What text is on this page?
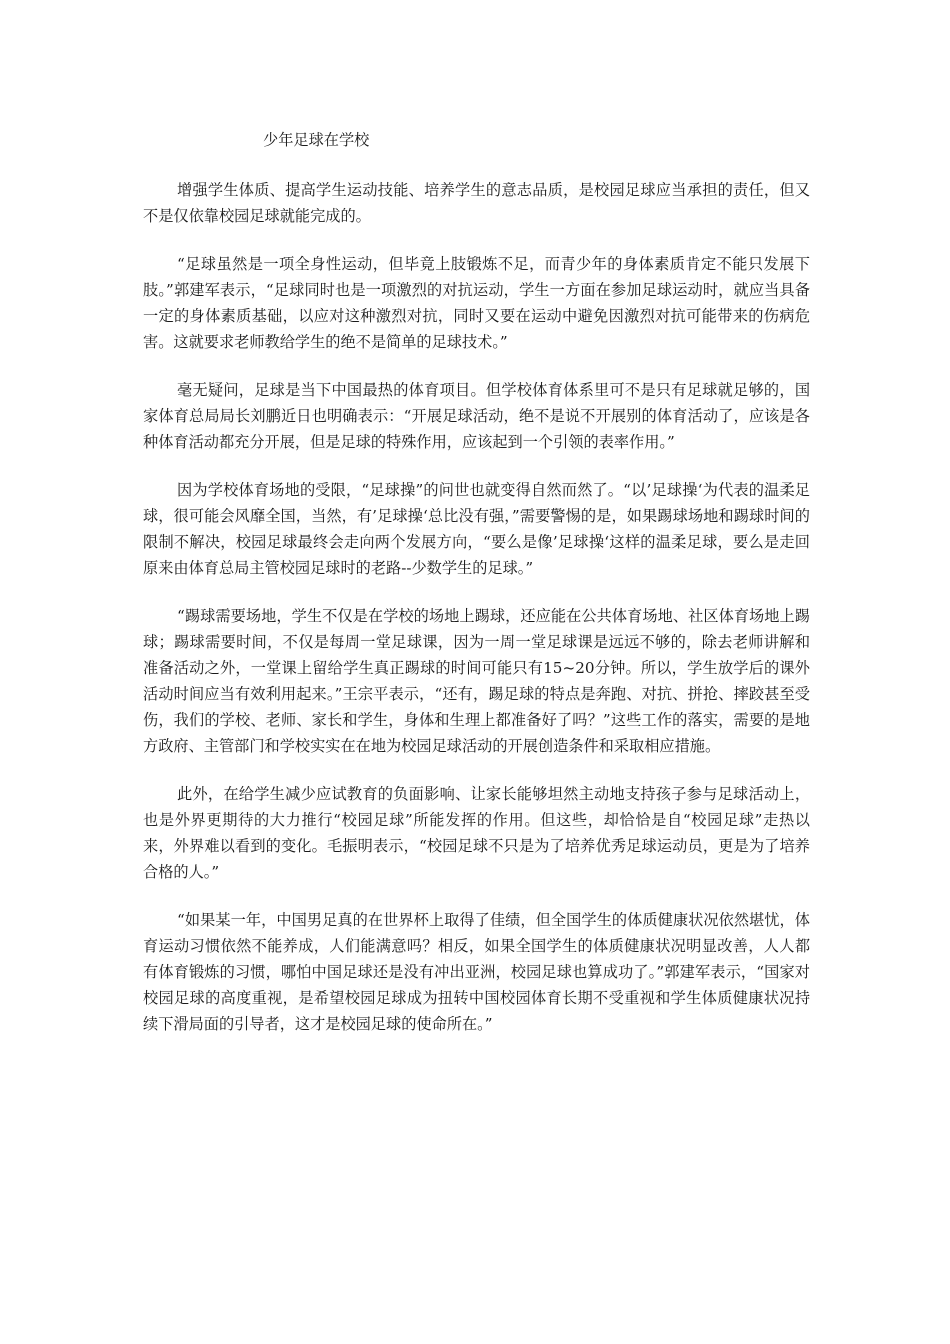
少年足球在学校

增强学生体质、提高学生运动技能、培养学生的意志品质，是校园足球应当承担的责任，但又不是仅依靠校园足球就能完成的。

“足球虽然是一项全身性运动，但毕竟上肢锻炼不足，而青少年的身体素质肯定不能只发展下肢。”郭建军表示，“足球同时也是一项激烈的对抗运动，学生一方面在参加足球运动时，就应当具备一定的身体素质基础，以应对这种激烈对抗，同时又要在运动中避免因激烈对抗可能带来的伤病危害。这就要求老师教给学生的绝不是简单的足球技术。”

毫无疑问，足球是当下中国最热的体育项目。但学校体育体系里可不是只有足球就足够的，国家体育总局局长刘鹏近日也明确表示：“开展足球活动，绝不是说不开展别的体育活动了，应该是各种体育活动都充分开展，但是足球的特殊作用，应该起到一个引领的表率作用。”

因为学校体育场地的受限，“足球操”的问世也就变得自然而然了。“以’足球操‘为代表的温柔足球，很可能会风靡全国，当然，有’足球操‘总比没有强，”需要警惕的是，如果踢球场地和踢球时间的限制不解决，校园足球最终会走向两个发展方向，“要么是像’足球操‘这样的温柔足球，要么是走回原来由体育总局主管校园足球时的老路--少数学生的足球。”

“踢球需要场地，学生不仅是在学校的场地上踢球，还应能在公共体育场地、社区体育场地上踢球；踢球需要时间，不仅是每周一堂足球课，因为一周一堂足球课是远远不够的，除去老师讲解和准备活动之外，一堂课上留给学生真正踢球的时间可能只有15~20分钟。所以，学生放学后的课外活动时间应当有效利用起来。”王宗平表示，“还有，踢足球的特点是奔跑、对抗、拼抢、摔跤甚至受伤，我们的学校、老师、家长和学生，身体和生理上都准备好了吗？”这些工作的落实，需要的是地方政府、主管部门和学校实实在在地为校园足球活动的开展创造条件和采取相应措施。

此外，在给学生减少应试教育的负面影响、让家长能够坦然主动地支持孩子参与足球活动上，也是外界更期待的大力推行“校园足球”所能发挥的作用。但这些，却恰恰是自“校园足球”走热以来，外界难以看到的变化。毛振明表示，“校园足球不只是为了培养优秀足球运动员，更是为了培养合格的人。”

“如果某一年，中国男足真的在世界杯上取得了佳绩，但全国学生的体质健康状况依然堪忧，体育运动习惯依然不能养成，人们能满意吗？相反，如果全国学生的体质健康状况明显改善，人人都有体育锻炼的习惯，哪怕中国足球还是没有冲出亚洲，校园足球也算成功了。”郭建军表示，“国家对校园足球的高度重视，是希望校园足球成为扭转中国校园体育长期不受重视和学生体质健康状况持续下滑局面的引导者，这才是校园足球的使命所在。”
